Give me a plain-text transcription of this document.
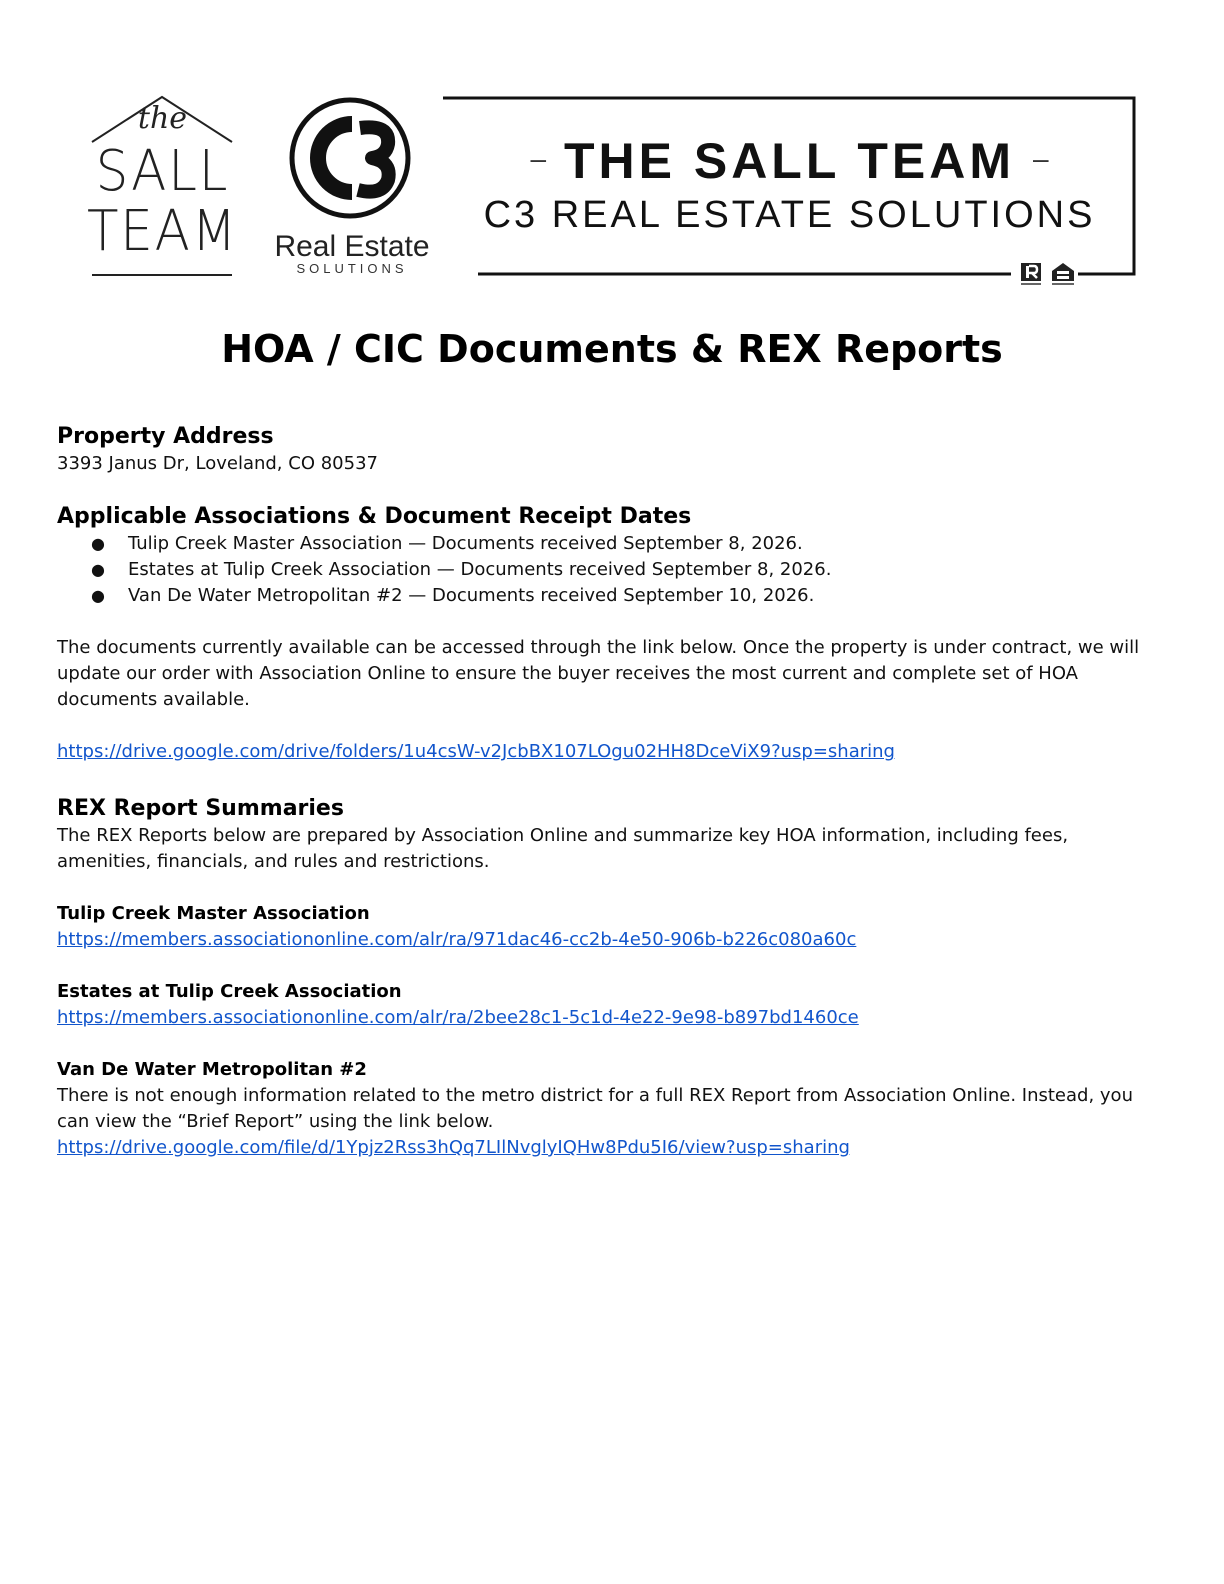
the
SALL
TEAM	Real Estate
SOLUTIONS
– THE SALL TEAM –
C3 REAL ESTATE SOLUTIONS
HOA / CIC Documents & REX Reports
Property Address

3393 Janus Dr, Loveland, CO 80537

Applicable Associations & Document Receipt Dates
● Tulip Creek Master Association — Documents received September 8, 2026.
● Estates at Tulip Creek Association — Documents received September 8, 2026.
● Van De Water Metropolitan #2 — Documents received September 10, 2026.

The documents currently available can be accessed through the link below. Once the property is under contract, we will update our order with Association Online to ensure the buyer receives the most current and complete set of HOA documents available.

https://drive.google.com/drive/folders/1u4csW-v2JcbBX107LOgu02HH8DceViX9?usp=sharing

REX Report Summaries

The REX Reports below are prepared by Association Online and summarize key HOA information, including fees, amenities, financials, and rules and restrictions.

Tulip Creek Master Association

https://members.associationonline.com/alr/ra/971dac46-cc2b-4e50-906b-b226c080a60c

Estates at Tulip Creek Association

https://members.associationonline.com/alr/ra/2bee28c1-5c1d-4e22-9e98-b897bd1460ce

Van De Water Metropolitan #2

There is not enough information related to the metro district for a full REX Report from Association Online. Instead, you can view the “Brief Report” using the link below.

https://drive.google.com/file/d/1Ypjz2Rss3hQq7LIlNvglyIQHw8Pdu5I6/view?usp=sharing
